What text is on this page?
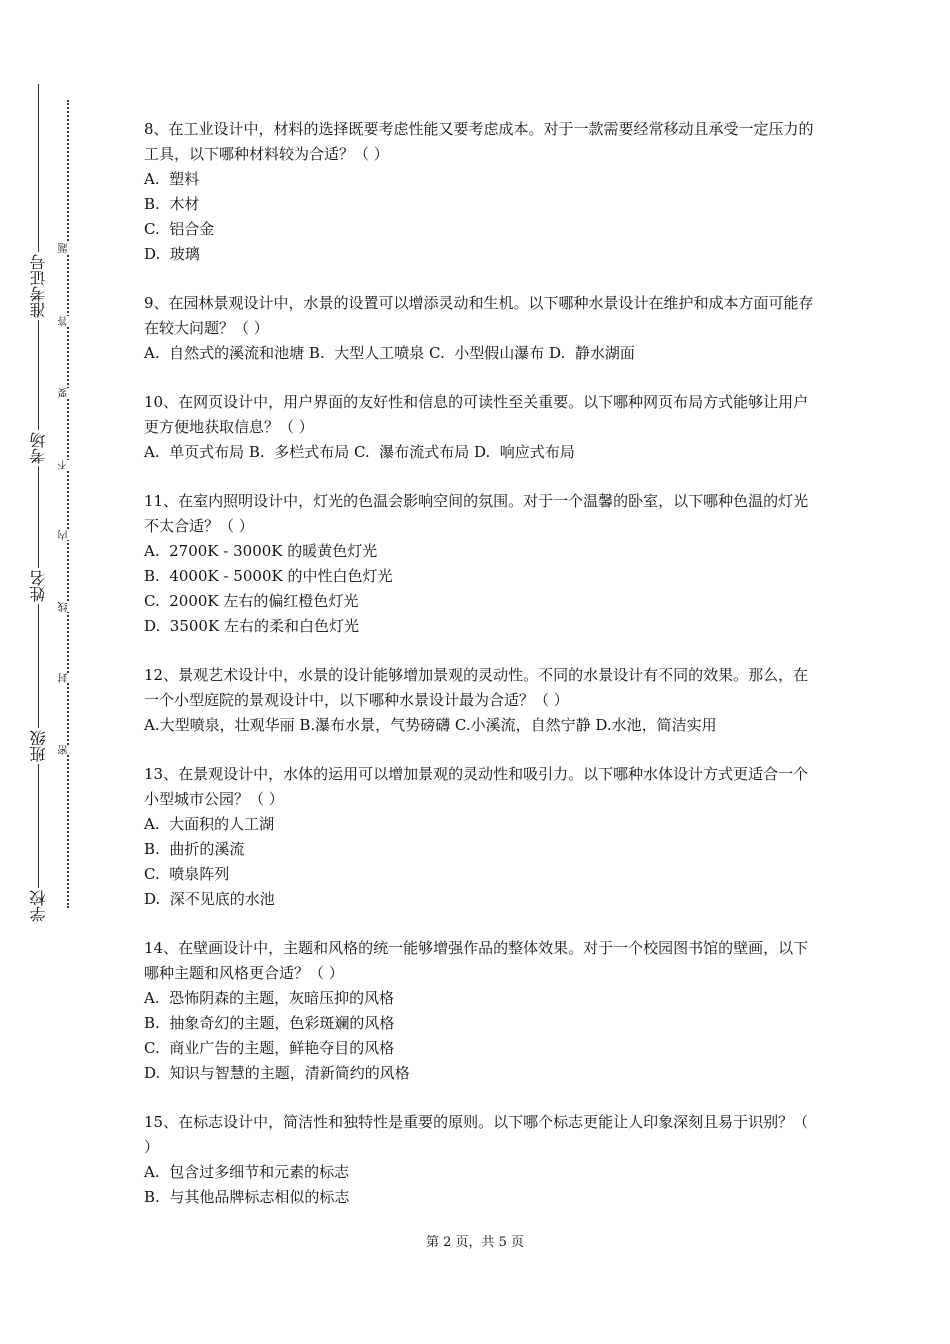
准考证号
考场
姓名
班级
学校
题
答
要
不
内
线
封
密

8、在工业设计中，材料的选择既要考虑性能又要考虑成本。对于一款需要经常移动且承受一定压力的工具，以下哪种材料较为合适？（ ）

A.  塑料

B.  木材

C.  铝合金

D.  玻璃

9、在园林景观设计中，水景的设置可以增添灵动和生机。以下哪种水景设计在维护和成本方面可能存在较大问题？（ ）

A.  自然式的溪流和池塘 B.  大型人工喷泉 C.  小型假山瀑布 D.  静水湖面

10、在网页设计中，用户界面的友好性和信息的可读性至关重要。以下哪种网页布局方式能够让用户更方便地获取信息？（ ）

A.  单页式布局 B.  多栏式布局 C.  瀑布流式布局 D.  响应式布局

11、在室内照明设计中，灯光的色温会影响空间的氛围。对于一个温馨的卧室，以下哪种色温的灯光不太合适？（ ）

A.  2700K - 3000K 的暖黄色灯光

B.  4000K - 5000K 的中性白色灯光

C.  2000K 左右的偏红橙色灯光

D.  3500K 左右的柔和白色灯光

12、景观艺术设计中，水景的设计能够增加景观的灵动性。不同的水景设计有不同的效果。那么，在一个小型庭院的景观设计中，以下哪种水景设计最为合适？（ ）

A.大型喷泉，壮观华丽 B.瀑布水景，气势磅礴 C.小溪流，自然宁静 D.水池，简洁实用

13、在景观设计中，水体的运用可以增加景观的灵动性和吸引力。以下哪种水体设计方式更适合一个小型城市公园？（ ）

A.  大面积的人工湖

B.  曲折的溪流

C.  喷泉阵列

D.  深不见底的水池

14、在壁画设计中，主题和风格的统一能够增强作品的整体效果。对于一个校园图书馆的壁画，以下哪种主题和风格更合适？（ ）

A.  恐怖阴森的主题，灰暗压抑的风格

B.  抽象奇幻的主题，色彩斑斓的风格

C.  商业广告的主题，鲜艳夺目的风格

D.  知识与智慧的主题，清新简约的风格

15、在标志设计中，简洁性和独特性是重要的原则。以下哪个标志更能让人印象深刻且易于识别？（ ）

A.  包含过多细节和元素的标志

B.  与其他品牌标志相似的标志

第 2 页，共 5 页
